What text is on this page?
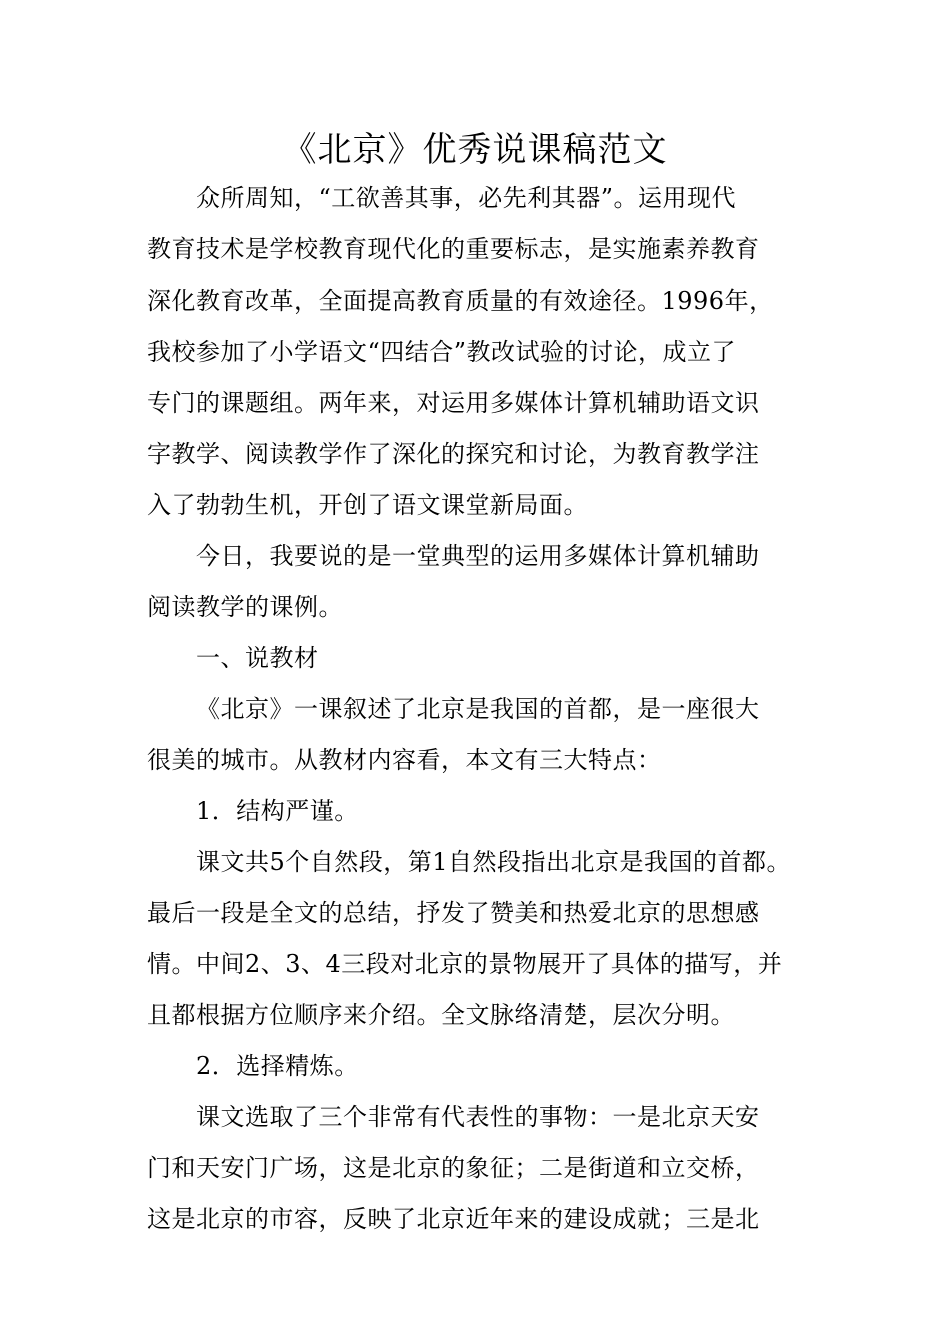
《北京》优秀说课稿范文
众所周知，“工欲善其事，必先利其器”。运用现代
教育技术是学校教育现代化的重要标志，是实施素养教育
深化教育改革，全面提高教育质量的有效途径。1996年，
我校参加了小学语文“四结合”教改试验的讨论，成立了
专门的课题组。两年来，对运用多媒体计算机辅助语文识
字教学、阅读教学作了深化的探究和讨论，为教育教学注
入了勃勃生机，开创了语文课堂新局面。
今日，我要说的是一堂典型的运用多媒体计算机辅助
阅读教学的课例。
一、说教材
《北京》一课叙述了北京是我国的首都，是一座很大
很美的城市。从教材内容看，本文有三大特点：
1．结构严谨。
课文共5个自然段，第1自然段指出北京是我国的首都。
最后一段是全文的总结，抒发了赞美和热爱北京的思想感
情。中间2、3、4三段对北京的景物展开了具体的描写，并
且都根据方位顺序来介绍。全文脉络清楚，层次分明。
2．选择精炼。
课文选取了三个非常有代表性的事物：一是北京天安
门和天安门广场，这是北京的象征；二是街道和立交桥，
这是北京的市容，反映了北京近年来的建设成就；三是北
